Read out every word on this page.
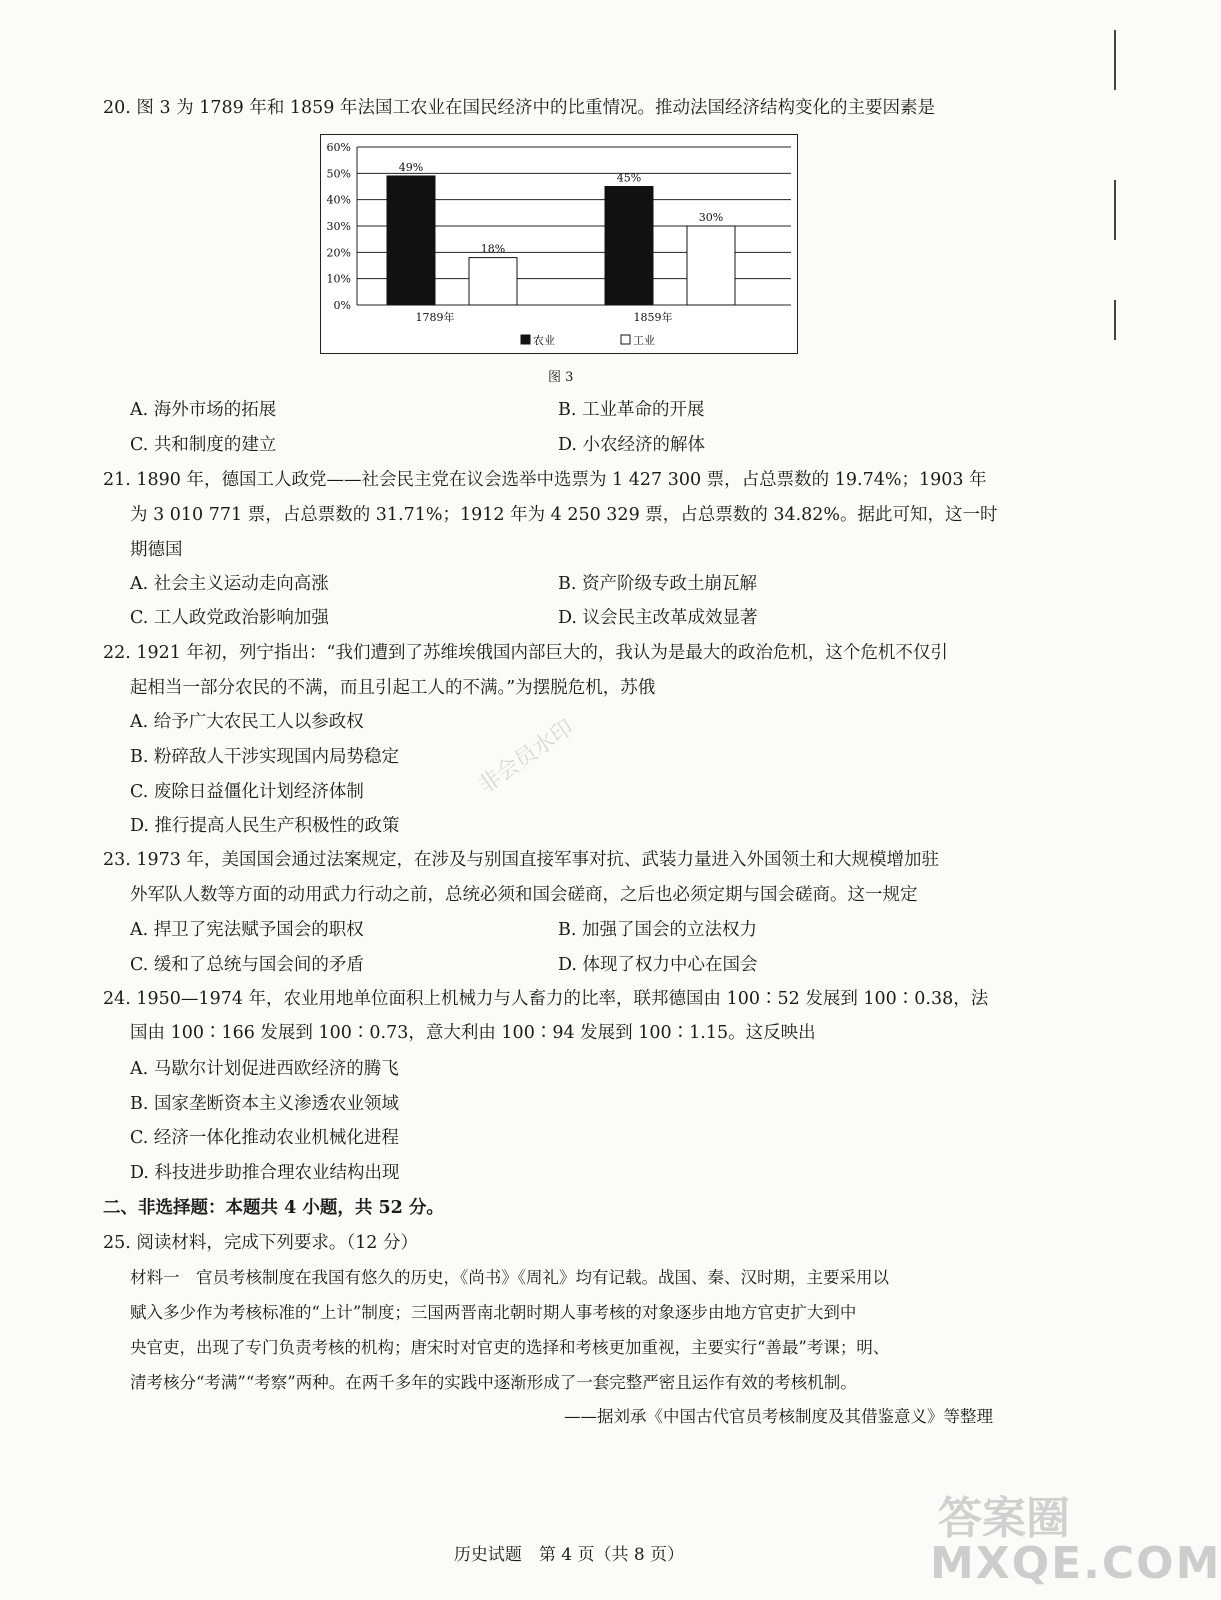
20. 图 3 为 1789 年和 1859 年法国工农业在国民经济中的比重情况。推动法国经济结构变化的主要因素是
0%
10%
20%
30%
40%
50%
60%
49%
18%
1789年
45%
30%
1859年
农业	工业
图 3
A. 海外市场的拓展	B. 工业革命的开展
C. 共和制度的建立	D. 小农经济的解体
21. 1890 年，德国工人政党——社会民主党在议会选举中选票为 1 427 300 票，占总票数的 19.74%；1903 年
为 3 010 771 票，占总票数的 31.71%；1912 年为 4 250 329 票，占总票数的 34.82%。据此可知，这一时
期德国
A. 社会主义运动走向高涨	B. 资产阶级专政土崩瓦解
C. 工人政党政治影响加强	D. 议会民主改革成效显著
22. 1921 年初，列宁指出：“我们遭到了苏维埃俄国内部巨大的，我认为是最大的政治危机，这个危机不仅引
起相当一部分农民的不满，而且引起工人的不满。”为摆脱危机，苏俄
A. 给予广大农民工人以参政权
B. 粉碎敌人干涉实现国内局势稳定
C. 废除日益僵化计划经济体制
D. 推行提高人民生产积极性的政策
23. 1973 年，美国国会通过法案规定，在涉及与别国直接军事对抗、武装力量进入外国领土和大规模增加驻
外军队人数等方面的动用武力行动之前，总统必须和国会磋商，之后也必须定期与国会磋商。这一规定
A. 捍卫了宪法赋予国会的职权	B. 加强了国会的立法权力
C. 缓和了总统与国会间的矛盾	D. 体现了权力中心在国会
24. 1950—1974 年，农业用地单位面积上机械力与人畜力的比率，联邦德国由 100∶52 发展到 100∶0.38，法
国由 100∶166 发展到 100∶0.73，意大利由 100∶94 发展到 100∶1.15。这反映出
A. 马歇尔计划促进西欧经济的腾飞
B. 国家垄断资本主义渗透农业领域
C. 经济一体化推动农业机械化进程
D. 科技进步助推合理农业结构出现
二、非选择题：本题共 4 小题，共 52 分。
25. 阅读材料，完成下列要求。（12 分）
材料一　官员考核制度在我国有悠久的历史，《尚书》《周礼》均有记载。战国、秦、汉时期，主要采用以
赋入多少作为考核标准的“上计”制度；三国两晋南北朝时期人事考核的对象逐步由地方官吏扩大到中
央官吏，出现了专门负责考核的机构；唐宋时对官吏的选择和考核更加重视，主要实行“善最”考课；明、
清考核分“考满”“考察”两种。在两千多年的实践中逐渐形成了一套完整严密且运作有效的考核机制。
——据刘承《中国古代官员考核制度及其借鉴意义》等整理
历史试题　第 4 页（共 8 页）
非会员水印
答案圈
MXQE.COM
